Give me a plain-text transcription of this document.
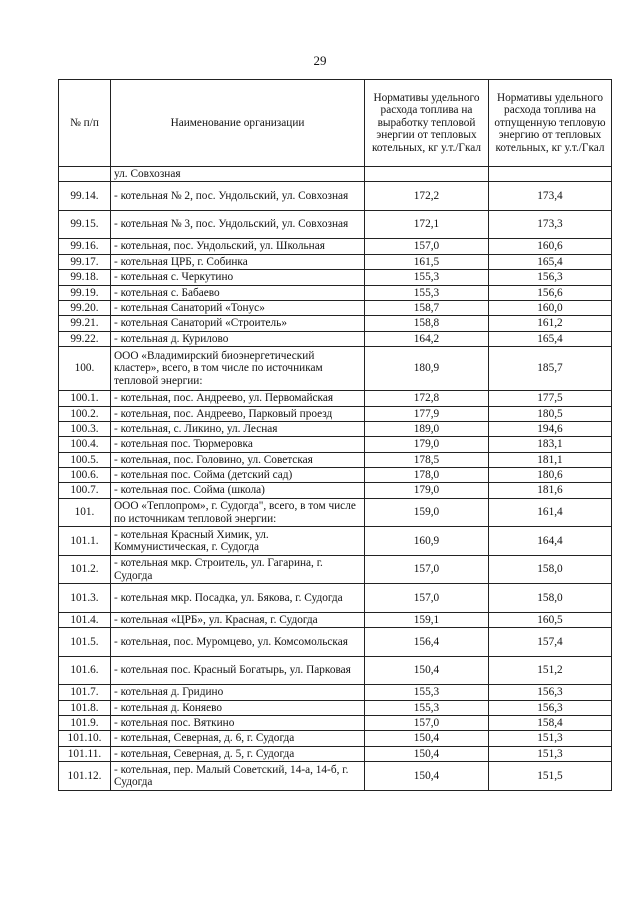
29
№ п/п	Наименование организации	Нормативы удельного расхода топлива на выработку тепловой энергии от тепловых котельных, кг у.т./Гкал	Нормативы удельного расхода топлива на отпущенную тепловую энергию от тепловых котельных, кг у.т./Гкал
	ул. Совхозная		
99.14.	- котельная № 2, пос. Ундольский, ул. Совхозная	172,2	173,4
99.15.	- котельная № 3, пос. Ундольский, ул. Совхозная	172,1	173,3
99.16.	- котельная, пос. Ундольский, ул. Школьная	157,0	160,6
99.17.	- котельная ЦРБ, г. Собинка	161,5	165,4
99.18.	- котельная с. Черкутино	155,3	156,3
99.19.	- котельная с. Бабаево	155,3	156,6
99.20.	- котельная Санаторий «Тонус»	158,7	160,0
99.21.	- котельная Санаторий «Строитель»	158,8	161,2
99.22.	- котельная д. Курилово	164,2	165,4
100.	ООО «Владимирский биоэнергетический кластер», всего, в том числе по источникам тепловой энергии:	180,9	185,7
100.1.	- котельная, пос. Андреево, ул. Первомайская	172,8	177,5
100.2.	- котельная, пос. Андреево, Парковый проезд	177,9	180,5
100.3.	- котельная, с. Ликино, ул. Лесная	189,0	194,6
100.4.	- котельная пос. Тюрмеровка	179,0	183,1
100.5.	- котельная, пос. Головино, ул. Советская	178,5	181,1
100.6.	- котельная пос. Сойма (детский сад)	178,0	180,6
100.7.	- котельная пос. Сойма (школа)	179,0	181,6
101.	ООО «Теплопром», г. Судогда", всего, в том числе по источникам тепловой энергии:	159,0	161,4
101.1.	- котельная Красный Химик, ул. Коммунистическая, г. Судогда	160,9	164,4
101.2.	- котельная мкр. Строитель, ул. Гагарина, г. Судогда	157,0	158,0
101.3.	- котельная мкр. Посадка, ул. Бякова, г. Судогда	157,0	158,0
101.4.	- котельная «ЦРБ», ул. Красная, г. Судогда	159,1	160,5
101.5.	- котельная, пос. Муромцево, ул. Комсомольская	156,4	157,4
101.6.	- котельная пос. Красный Богатырь, ул. Парковая	150,4	151,2
101.7.	- котельная д. Гридино	155,3	156,3
101.8.	- котельная д. Коняево	155,3	156,3
101.9.	- котельная пос. Вяткино	157,0	158,4
101.10.	- котельная, Северная, д. 6, г. Судогда	150,4	151,3
101.11.	- котельная, Северная, д. 5, г. Судогда	150,4	151,3
101.12.	- котельная, пер. Малый Советский, 14-а, 14-б, г. Судогда	150,4	151,5
